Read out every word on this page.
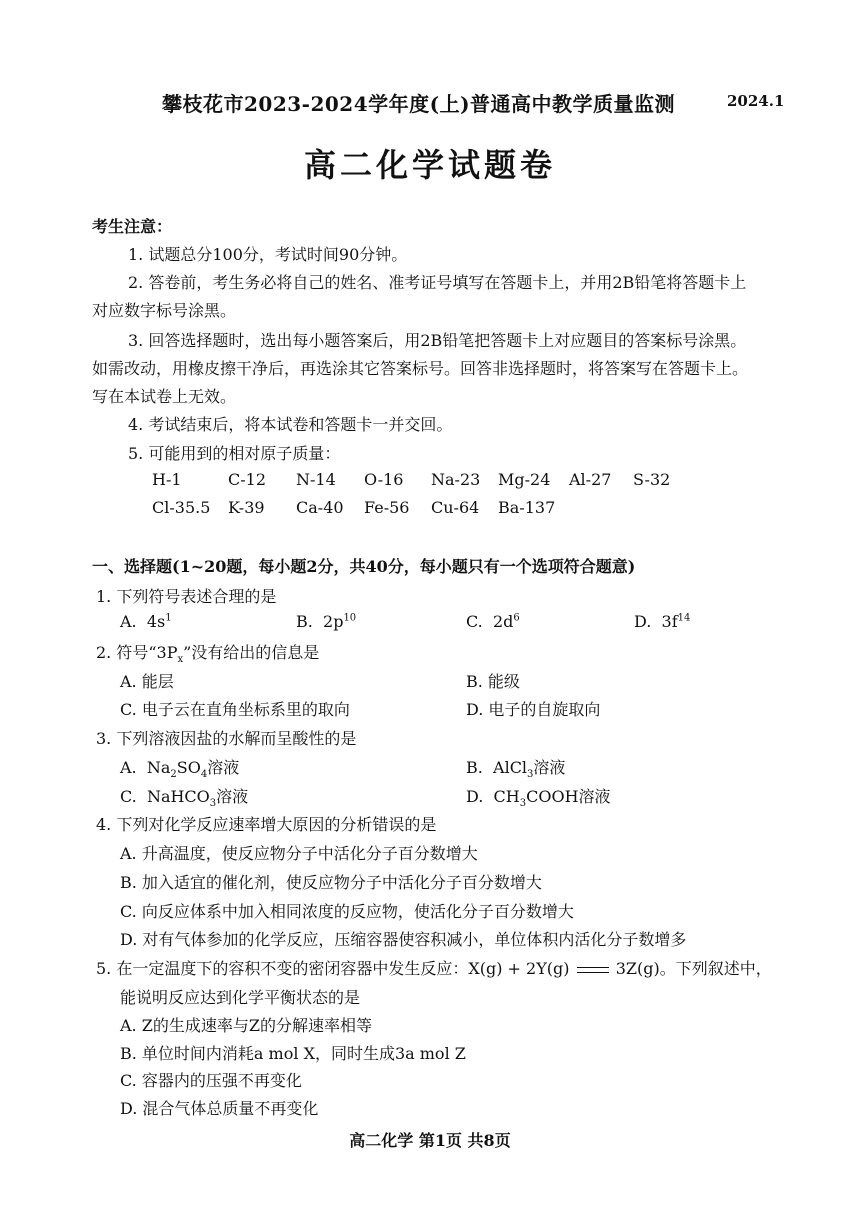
攀枝花市2023-2024学年度(上)普通高中教学质量监测	2024.1
高二化学试题卷
考生注意：
1. 试题总分100分，考试时间90分钟。
2. 答卷前，考生务必将自己的姓名、准考证号填写在答题卡上，并用2B铅笔将答题卡上
对应数字标号涂黑。
3. 回答选择题时，选出每小题答案后，用2B铅笔把答题卡上对应题目的答案标号涂黑。
如需改动，用橡皮擦干净后，再选涂其它答案标号。回答非选择题时，将答案写在答题卡上。
写在本试卷上无效。
4. 考试结束后，将本试卷和答题卡一并交回。
5. 可能用到的相对原子质量：
H-1	C-12 N-14 O-16 Na-23 Mg-24 Al-27 S-32
Cl-35.5 K-39 Ca-40 Fe-56 Cu-64 Ba-137
一、选择题(1~20题，每小题2分，共40分，每小题只有一个选项符合题意)
1. 下列符号表述合理的是
A. $4s^1$	B. $2p^{10}$	C. $2d^6$	D. $3f^{14}$
2. 符号“$3P_x$”没有给出的信息是
A. 能层	B. 能级
C. 电子云在直角坐标系里的取向	D. 电子的自旋取向
3. 下列溶液因盐的水解而呈酸性的是
A. $Na_2SO_4$溶液	B. AlCl$_3$溶液
C. NaHCO$_3$溶液	D. $CH_3COOH$溶液
4. 下列对化学反应速率增大原因的分析错误的是
A. 升高温度，使反应物分子中活化分子百分数增大
B. 加入适宜的催化剂，使反应物分子中活化分子百分数增大
C. 向反应体系中加入相同浓度的反应物，使活化分子百分数增大
D. 对有气体参加的化学反应，压缩容器使容积减小，单位体积内活化分子数增多
5. 在一定温度下的容积不变的密闭容器中发生反应：X(g) + 2Y(g)	3Z(g)。下列叙述中，
能说明反应达到化学平衡状态的是
A. Z的生成速率与Z的分解速率相等
B. 单位时间内消耗a mol X，同时生成3a mol Z
C. 容器内的压强不再变化
D. 混合气体总质量不再变化
高二化学 第1页 共8页
